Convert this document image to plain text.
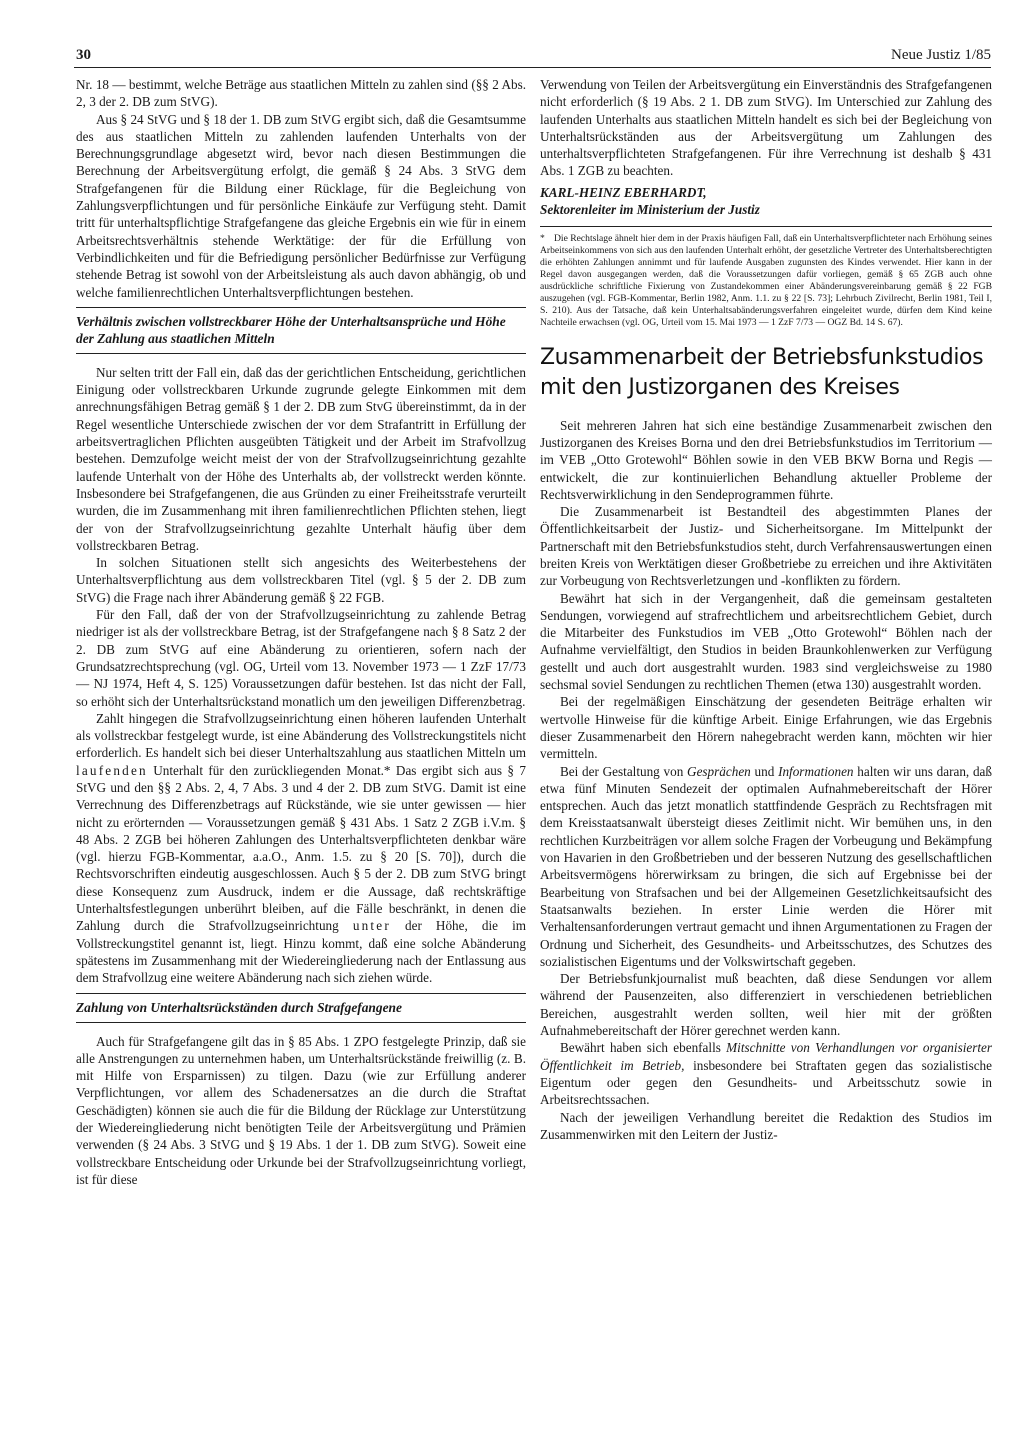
30	Neue Justiz 1/85

Nr. 18 — bestimmt, welche Beträge aus staatlichen Mitteln zu zahlen sind (§§ 2 Abs. 2, 3 der 2. DB zum StVG).

Aus § 24 StVG und § 18 der 1. DB zum StVG ergibt sich, daß die Gesamtsumme des aus staatlichen Mitteln zu zahlenden laufenden Unterhalts von der Berechnungsgrundlage abgesetzt wird, bevor nach diesen Bestimmungen die Berechnung der Arbeitsvergütung erfolgt, die gemäß § 24 Abs. 3 StVG dem Strafgefangenen für die Bildung einer Rücklage, für die Begleichung von Zahlungsverpflichtungen und für persönliche Einkäufe zur Verfügung steht. Damit tritt für unterhaltspflichtige Strafgefangene das gleiche Ergebnis ein wie für in einem Arbeitsrechtsverhältnis stehende Werktätige: der für die Erfüllung von Verbindlichkeiten und für die Befriedigung persönlicher Bedürfnisse zur Verfügung stehende Betrag ist sowohl von der Arbeitsleistung als auch davon abhängig, ob und welche familienrechtlichen Unterhaltsverpflichtungen bestehen.

Verhältnis zwischen vollstreckbarer Höhe der Unterhaltsansprüche und Höhe der Zahlung aus staatlichen Mitteln

Nur selten tritt der Fall ein, daß das der gerichtlichen Entscheidung, gerichtlichen Einigung oder vollstreckbaren Urkunde zugrunde gelegte Einkommen mit dem anrechnungsfähigen Betrag gemäß § 1 der 2. DB zum StvG übereinstimmt, da in der Regel wesentliche Unterschiede zwischen der vor dem Strafantritt in Erfüllung der arbeitsvertraglichen Pflichten ausgeübten Tätigkeit und der Arbeit im Strafvollzug bestehen. Demzufolge weicht meist der von der Strafvollzugseinrichtung gezahlte laufende Unterhalt von der Höhe des Unterhalts ab, der vollstreckt werden könnte. Insbesondere bei Strafgefangenen, die aus Gründen zu einer Freiheitsstrafe verurteilt wurden, die im Zusammenhang mit ihren familienrechtlichen Pflichten stehen, liegt der von der Strafvollzugseinrichtung gezahlte Unterhalt häufig über dem vollstreckbaren Betrag.

In solchen Situationen stellt sich angesichts des Weiterbestehens der Unterhaltsverpflichtung aus dem vollstreckbaren Titel (vgl. § 5 der 2. DB zum StVG) die Frage nach ihrer Abänderung gemäß § 22 FGB.

Für den Fall, daß der von der Strafvollzugseinrichtung zu zahlende Betrag niedriger ist als der vollstreckbare Betrag, ist der Strafgefangene nach § 8 Satz 2 der 2. DB zum StVG auf eine Abänderung zu orientieren, sofern nach der Grundsatzrechtsprechung (vgl. OG, Urteil vom 13. November 1973 — 1 ZzF 17/73 — NJ 1974, Heft 4, S. 125) Voraussetzungen dafür bestehen. Ist das nicht der Fall, so erhöht sich der Unterhaltsrückstand monatlich um den jeweiligen Differenzbetrag.

Zahlt hingegen die Strafvollzugseinrichtung einen höheren laufenden Unterhalt als vollstreckbar festgelegt wurde, ist eine Abänderung des Vollstreckungstitels nicht erforderlich. Es handelt sich bei dieser Unterhaltszahlung aus staatlichen Mitteln um laufenden Unterhalt für den zurückliegenden Monat.* Das ergibt sich aus § 7 StVG und den §§ 2 Abs. 2, 4, 7 Abs. 3 und 4 der 2. DB zum StVG. Damit ist eine Verrechnung des Differenzbetrags auf Rückstände, wie sie unter gewissen — hier nicht zu erörternden — Voraussetzungen gemäß § 431 Abs. 1 Satz 2 ZGB i.V.m. § 48 Abs. 2 ZGB bei höheren Zahlungen des Unterhaltsverpflichteten denkbar wäre (vgl. hierzu FGB-Kommentar, a.a.O., Anm. 1.5. zu § 20 [S. 70]), durch die Rechtsvorschriften eindeutig ausgeschlossen. Auch § 5 der 2. DB zum StVG bringt diese Konsequenz zum Ausdruck, indem er die Aussage, daß rechtskräftige Unterhaltsfestlegungen unberührt bleiben, auf die Fälle beschränkt, in denen die Zahlung durch die Strafvollzugseinrichtung unter der Höhe, die im Vollstreckungstitel genannt ist, liegt. Hinzu kommt, daß eine solche Abänderung spätestens im Zusammenhang mit der Wiedereingliederung nach der Entlassung aus dem Strafvollzug eine weitere Abänderung nach sich ziehen würde.

Zahlung von Unterhaltsrückständen durch Strafgefangene

Auch für Strafgefangene gilt das in § 85 Abs. 1 ZPO festgelegte Prinzip, daß sie alle Anstrengungen zu unternehmen haben, um Unterhaltsrückstände freiwillig (z. B. mit Hilfe von Ersparnissen) zu tilgen. Dazu (wie zur Erfüllung anderer Verpflichtungen, vor allem des Schadenersatzes an die durch die Straftat Geschädigten) können sie auch die für die Bildung der Rücklage zur Unterstützung der Wiedereingliederung nicht benötigten Teile der Arbeitsvergütung und Prämien verwenden (§ 24 Abs. 3 StVG und § 19 Abs. 1 der 1. DB zum StVG). Soweit eine vollstreckbare Entscheidung oder Urkunde bei der Strafvollzugseinrichtung vorliegt, ist für diese

Verwendung von Teilen der Arbeitsvergütung ein Einverständnis des Strafgefangenen nicht erforderlich (§ 19 Abs. 2 1. DB zum StVG). Im Unterschied zur Zahlung des laufenden Unterhalts aus staatlichen Mitteln handelt es sich bei der Begleichung von Unterhaltsrückständen aus der Arbeitsvergütung um Zahlungen des unterhaltsverpflichteten Strafgefangenen. Für ihre Verrechnung ist deshalb § 431 Abs. 1 ZGB zu beachten.

KARL-HEINZ EBERHARDT,
Sektorenleiter im Ministerium der Justiz
* Die Rechtslage ähnelt hier dem in der Praxis häufigen Fall, daß ein Unterhaltsverpflichteter nach Erhöhung seines Arbeitseinkommens von sich aus den laufenden Unterhalt erhöht, der gesetzliche Vertreter des Unterhaltsberechtigten die erhöhten Zahlungen annimmt und für laufende Ausgaben zugunsten des Kindes verwendet. Hier kann in der Regel davon ausgegangen werden, daß die Voraussetzungen dafür vorliegen, gemäß § 65 ZGB auch ohne ausdrückliche schriftliche Fixierung von Zustandekommen einer Abänderungsvereinbarung gemäß § 22 FGB auszugehen (vgl. FGB-Kommentar, Berlin 1982, Anm. 1.1. zu § 22 [S. 73]; Lehrbuch Zivilrecht, Berlin 1981, Teil I, S. 210). Aus der Tatsache, daß kein Unterhaltsabänderungsverfahren eingeleitet wurde, dürfen dem Kind keine Nachteile erwachsen (vgl. OG, Urteil vom 15. Mai 1973 — 1 ZzF 7/73 — OGZ Bd. 14 S. 67).
Zusammenarbeit der Betriebsfunkstudios mit den Justizorganen des Kreises

Seit mehreren Jahren hat sich eine beständige Zusammenarbeit zwischen den Justizorganen des Kreises Borna und den drei Betriebsfunkstudios im Territorium — im VEB „Otto Grotewohl“ Böhlen sowie in den VEB BKW Borna und Regis — entwickelt, die zur kontinuierlichen Behandlung aktueller Probleme der Rechtsverwirklichung in den Sendeprogrammen führte.

Die Zusammenarbeit ist Bestandteil des abgestimmten Planes der Öffentlichkeitsarbeit der Justiz- und Sicherheitsorgane. Im Mittelpunkt der Partnerschaft mit den Betriebsfunkstudios steht, durch Verfahrensauswertungen einen breiten Kreis von Werktätigen dieser Großbetriebe zu erreichen und ihre Aktivitäten zur Vorbeugung von Rechtsverletzungen und -konflikten zu fördern.

Bewährt hat sich in der Vergangenheit, daß die gemeinsam gestalteten Sendungen, vorwiegend auf strafrechtlichem und arbeitsrechtlichem Gebiet, durch die Mitarbeiter des Funkstudios im VEB „Otto Grotewohl“ Böhlen nach der Aufnahme vervielfältigt, den Studios in beiden Braunkohlenwerken zur Verfügung gestellt und auch dort ausgestrahlt wurden. 1983 sind vergleichsweise zu 1980 sechsmal soviel Sendungen zu rechtlichen Themen (etwa 130) ausgestrahlt worden.

Bei der regelmäßigen Einschätzung der gesendeten Beiträge erhalten wir wertvolle Hinweise für die künftige Arbeit. Einige Erfahrungen, wie das Ergebnis dieser Zusammenarbeit den Hörern nahegebracht werden kann, möchten wir hier vermitteln.

Bei der Gestaltung von Gesprächen und Informationen halten wir uns daran, daß etwa fünf Minuten Sendezeit der optimalen Aufnahmebereitschaft der Hörer entsprechen. Auch das jetzt monatlich stattfindende Gespräch zu Rechtsfragen mit dem Kreisstaatsanwalt übersteigt dieses Zeitlimit nicht. Wir bemühen uns, in den rechtlichen Kurzbeiträgen vor allem solche Fragen der Vorbeugung und Bekämpfung von Havarien in den Großbetrieben und der besseren Nutzung des gesellschaftlichen Arbeitsvermögens hörerwirksam zu bringen, die sich auf Ergebnisse bei der Bearbeitung von Strafsachen und bei der Allgemeinen Gesetzlichkeitsaufsicht des Staatsanwalts beziehen. In erster Linie werden die Hörer mit Verhaltensanforderungen vertraut gemacht und ihnen Argumentationen zu Fragen der Ordnung und Sicherheit, des Gesundheits- und Arbeitsschutzes, des Schutzes des sozialistischen Eigentums und der Volkswirtschaft gegeben.

Der Betriebsfunkjournalist muß beachten, daß diese Sendungen vor allem während der Pausenzeiten, also differenziert in verschiedenen betrieblichen Bereichen, ausgestrahlt werden sollten, weil hier mit der größten Aufnahmebereitschaft der Hörer gerechnet werden kann.

Bewährt haben sich ebenfalls Mitschnitte von Verhandlungen vor organisierter Öffentlichkeit im Betrieb, insbesondere bei Straftaten gegen das sozialistische Eigentum oder gegen den Gesundheits- und Arbeitsschutz sowie in Arbeitsrechtssachen.

Nach der jeweiligen Verhandlung bereitet die Redaktion des Studios im Zusammenwirken mit den Leitern der Justiz-
